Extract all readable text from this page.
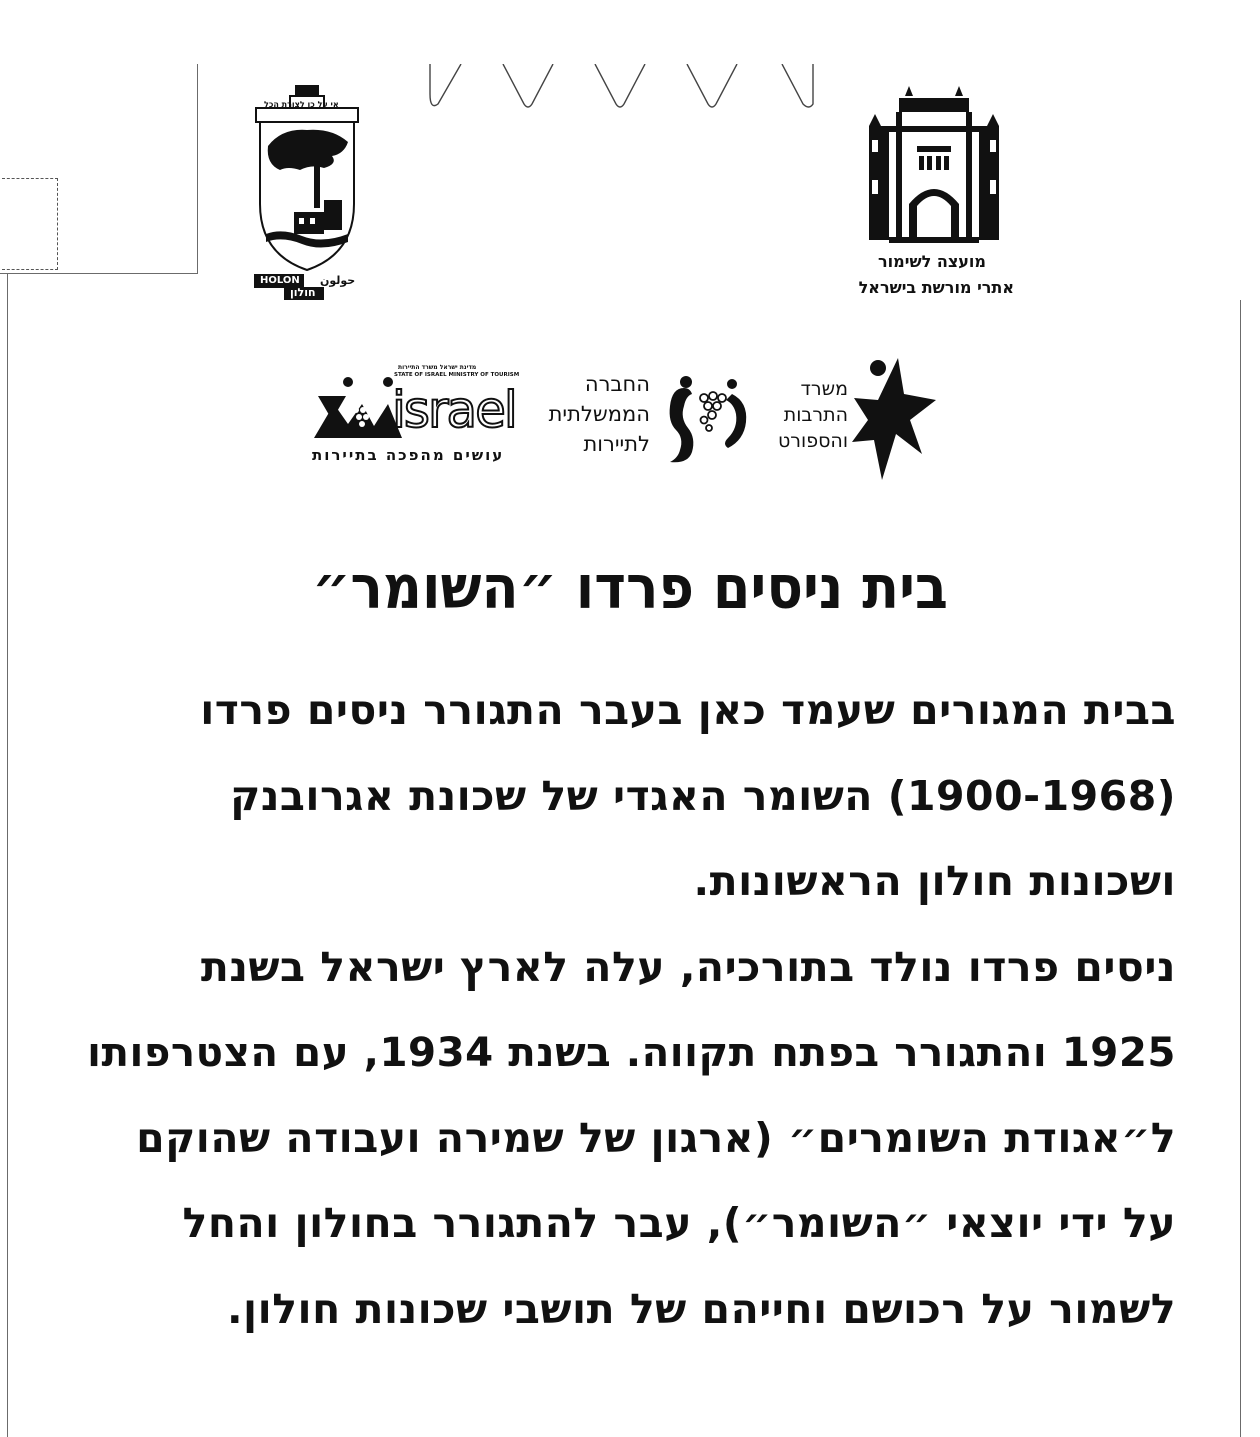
אי על כן לצורת הכל
HOLON حولون
חולון
מועצה לשימור
אתרי מורשת בישראל
מדינת ישראל משרד התיירות
STATE OF ISRAEL MINISTRY OF TOURISM
israel
עושים מהפכה בתיירות
החברה
הממשלתית
לתיירות
משרד
התרבות
והספורט
בית ניסים פרדו ״השומר״
בבית המגורים שעמד כאן בעבר התגורר ניסים פרדו
(1900-1968) השומר האגדי של שכונת אגרובנק
ושכונות חולון הראשונות.
ניסים פרדו נולד בתורכיה, עלה לארץ ישראל בשנת
1925 והתגורר בפתח תקווה. בשנת 1934, עם הצטרפותו
ל״אגודת השומרים״ (ארגון של שמירה ועבודה שהוקם
על ידי יוצאי ״השומר״), עבר להתגורר בחולון והחל
לשמור על רכושם וחייהם של תושבי שכונות חולון.
